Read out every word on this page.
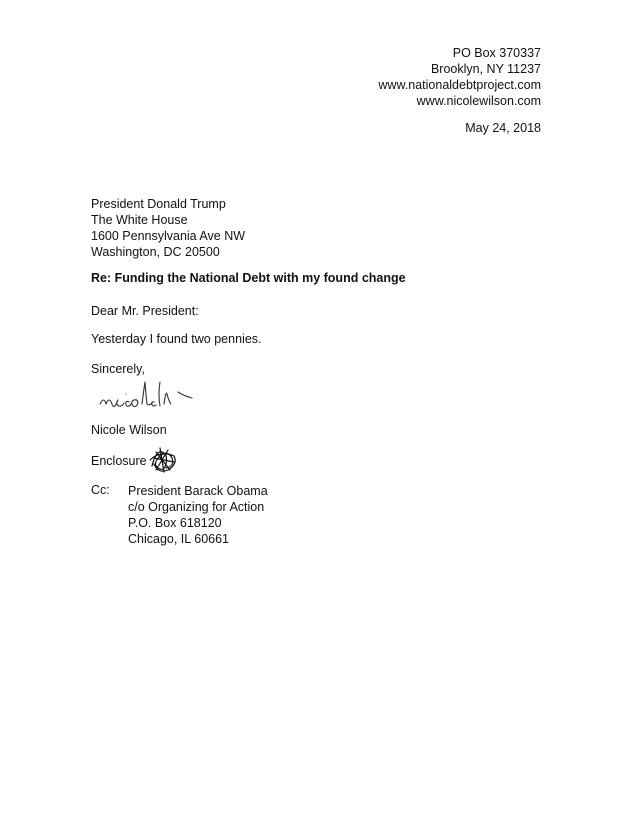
PO Box 370337
Brooklyn, NY 11237
www.nationaldebtproject.com
www.nicolewilson.com
May 24, 2018
President Donald Trump
The White House
1600 Pennsylvania Ave NW
Washington, DC 20500
Re: Funding the National Debt with my found change
Dear Mr. President:
Yesterday I found two pennies.
Sincerely,
Nicole Wilson
Enclosure
Cc: President Barack Obama
c/o Organizing for Action
P.O. Box 618120
Chicago, IL 60661
